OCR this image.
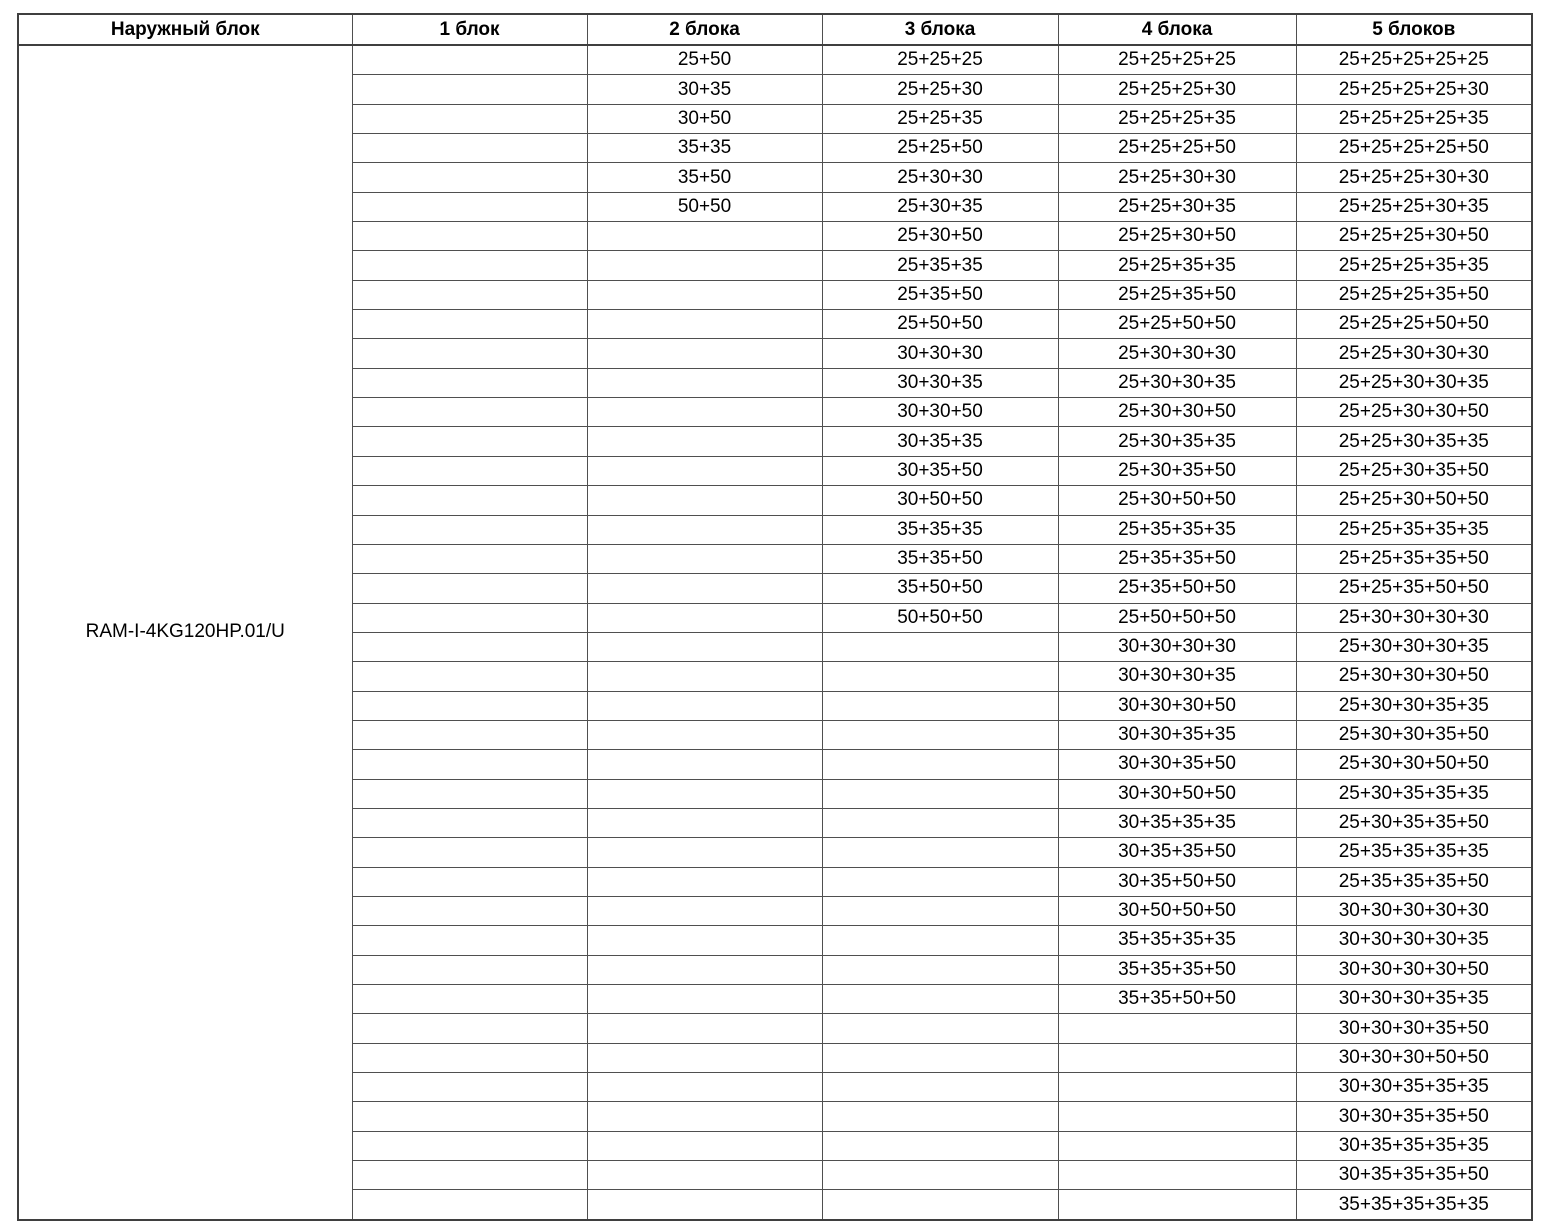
Наружный блок	1 блок	2 блока	3 блока	4 блока	5 блоков
RAM-I-4KG120HP.01/U		25+50	25+25+25	25+25+25+25	25+25+25+25+25
		30+35	25+25+30	25+25+25+30	25+25+25+25+30
		30+50	25+25+35	25+25+25+35	25+25+25+25+35
		35+35	25+25+50	25+25+25+50	25+25+25+25+50
		35+50	25+30+30	25+25+30+30	25+25+25+30+30
		50+50	25+30+35	25+25+30+35	25+25+25+30+35
			25+30+50	25+25+30+50	25+25+25+30+50
			25+35+35	25+25+35+35	25+25+25+35+35
			25+35+50	25+25+35+50	25+25+25+35+50
			25+50+50	25+25+50+50	25+25+25+50+50
			30+30+30	25+30+30+30	25+25+30+30+30
			30+30+35	25+30+30+35	25+25+30+30+35
			30+30+50	25+30+30+50	25+25+30+30+50
			30+35+35	25+30+35+35	25+25+30+35+35
			30+35+50	25+30+35+50	25+25+30+35+50
			30+50+50	25+30+50+50	25+25+30+50+50
			35+35+35	25+35+35+35	25+25+35+35+35
			35+35+50	25+35+35+50	25+25+35+35+50
			35+50+50	25+35+50+50	25+25+35+50+50
			50+50+50	25+50+50+50	25+30+30+30+30
				30+30+30+30	25+30+30+30+35
				30+30+30+35	25+30+30+30+50
				30+30+30+50	25+30+30+35+35
				30+30+35+35	25+30+30+35+50
				30+30+35+50	25+30+30+50+50
				30+30+50+50	25+30+35+35+35
				30+35+35+35	25+30+35+35+50
				30+35+35+50	25+35+35+35+35
				30+35+50+50	25+35+35+35+50
				30+50+50+50	30+30+30+30+30
				35+35+35+35	30+30+30+30+35
				35+35+35+50	30+30+30+30+50
				35+35+50+50	30+30+30+35+35
					30+30+30+35+50
					30+30+30+50+50
					30+30+35+35+35
					30+30+35+35+50
					30+35+35+35+35
					30+35+35+35+50
					35+35+35+35+35
